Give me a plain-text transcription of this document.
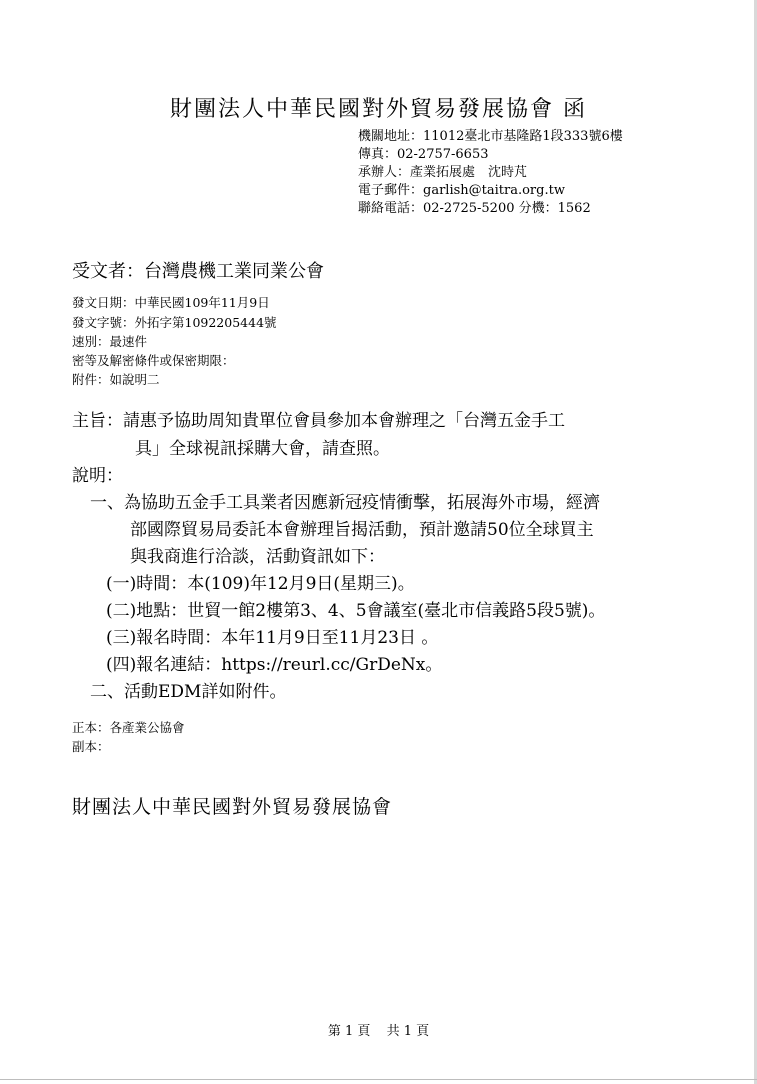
財團法人中華民國對外貿易發展協會 函
機關地址：11012臺北市基隆路1段333號6樓
傳真：02-2757-6653
承辦人：產業拓展處　沈時芃
電子郵件：garlish@taitra.org.tw
聯絡電話：02-2725-5200 分機：1562
受文者：台灣農機工業同業公會
發文日期：中華民國109年11月9日
發文字號：外拓字第1092205444號
速別：最速件
密等及解密條件或保密期限：
附件：如說明二
主旨：請惠予協助周知貴單位會員參加本會辦理之「台灣五金手工
具」全球視訊採購大會，請查照。
說明：
一、為協助五金手工具業者因應新冠疫情衝擊，拓展海外市場，經濟
部國際貿易局委託本會辦理旨揭活動，預計邀請50位全球買主
與我商進行洽談，活動資訊如下：
(一)時間：本(109)年12月9日(星期三)。
(二)地點：世貿一館2樓第3、4、5會議室(臺北市信義路5段5號)。
(三)報名時間：本年11月9日至11月23日 。
(四)報名連結：https://reurl.cc/GrDeNx。
二、活動EDM詳如附件。
正本：各產業公協會
副本：
財團法人中華民國對外貿易發展協會
第 1 頁 共 1 頁
